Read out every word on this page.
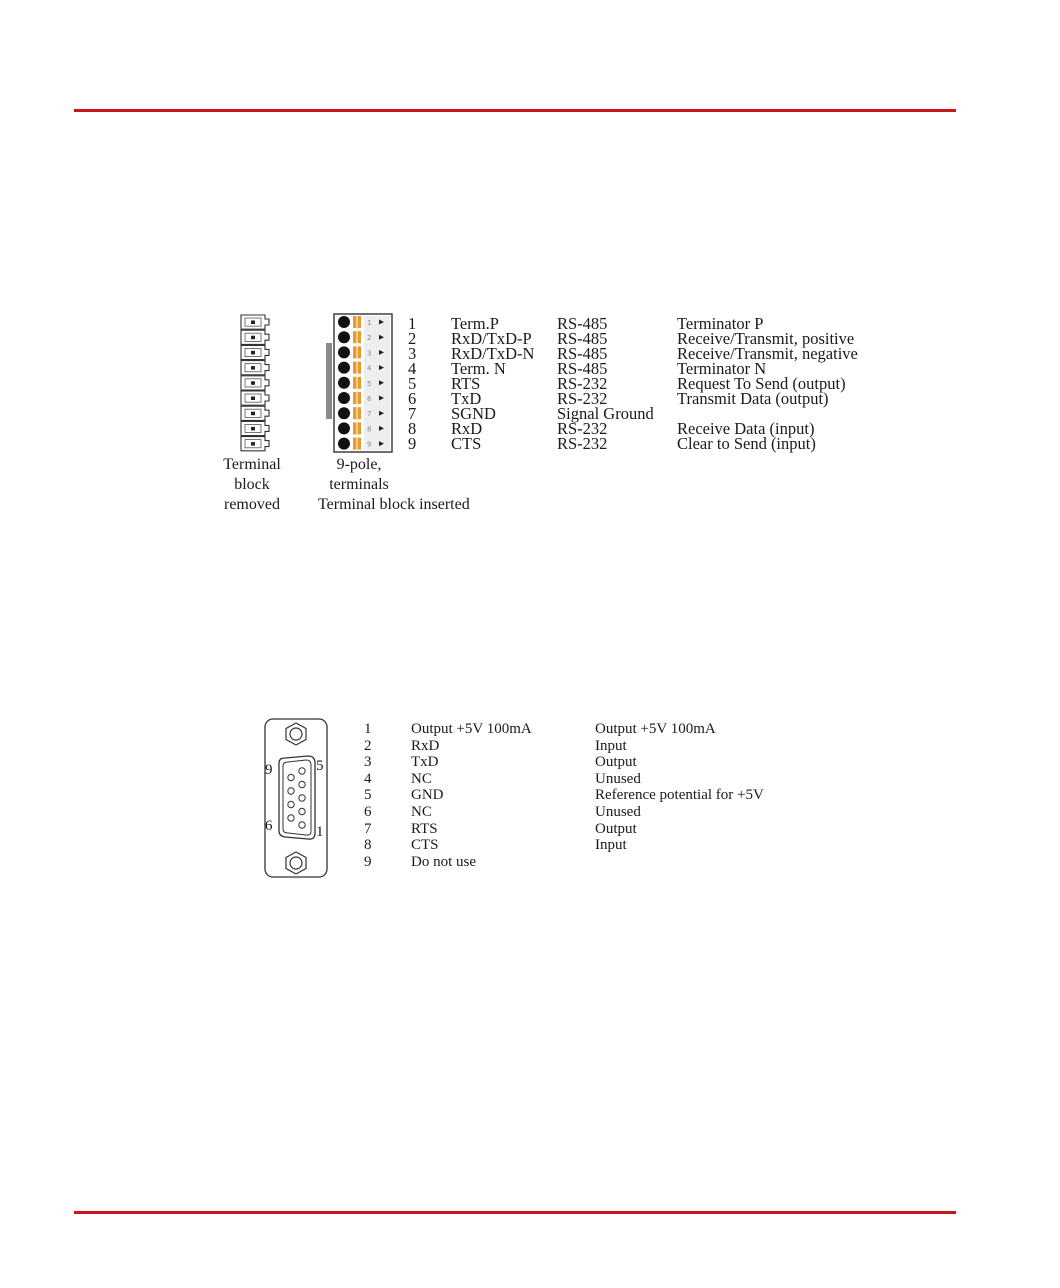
1
2
3
4
5
6
7
8
9
Terminal
block
removed
9-pole,
terminals
Terminal block inserted
1	Term.P	RS-485	Terminator P
2	RxD/TxD-P	RS-485	Receive/Transmit, positive
3	RxD/TxD-N	RS-485	Receive/Transmit, negative
4	Term. N	RS-485	Terminator N
5	RTS	RS-232	Request To Send (output)
6	TxD	RS-232	Transmit Data (output)
7	SGND	Signal Ground	
8	RxD	RS-232	Receive Data (input)
9	CTS	RS-232	Clear to Send (input)
9	5
6	1
1	Output +5V 100mA	Output +5V 100mA
2	RxD	Input
3	TxD	Output
4	NC	Unused
5	GND	Reference potential for +5V
6	NC	Unused
7	RTS	Output
8	CTS	Input
9	Do not use	
